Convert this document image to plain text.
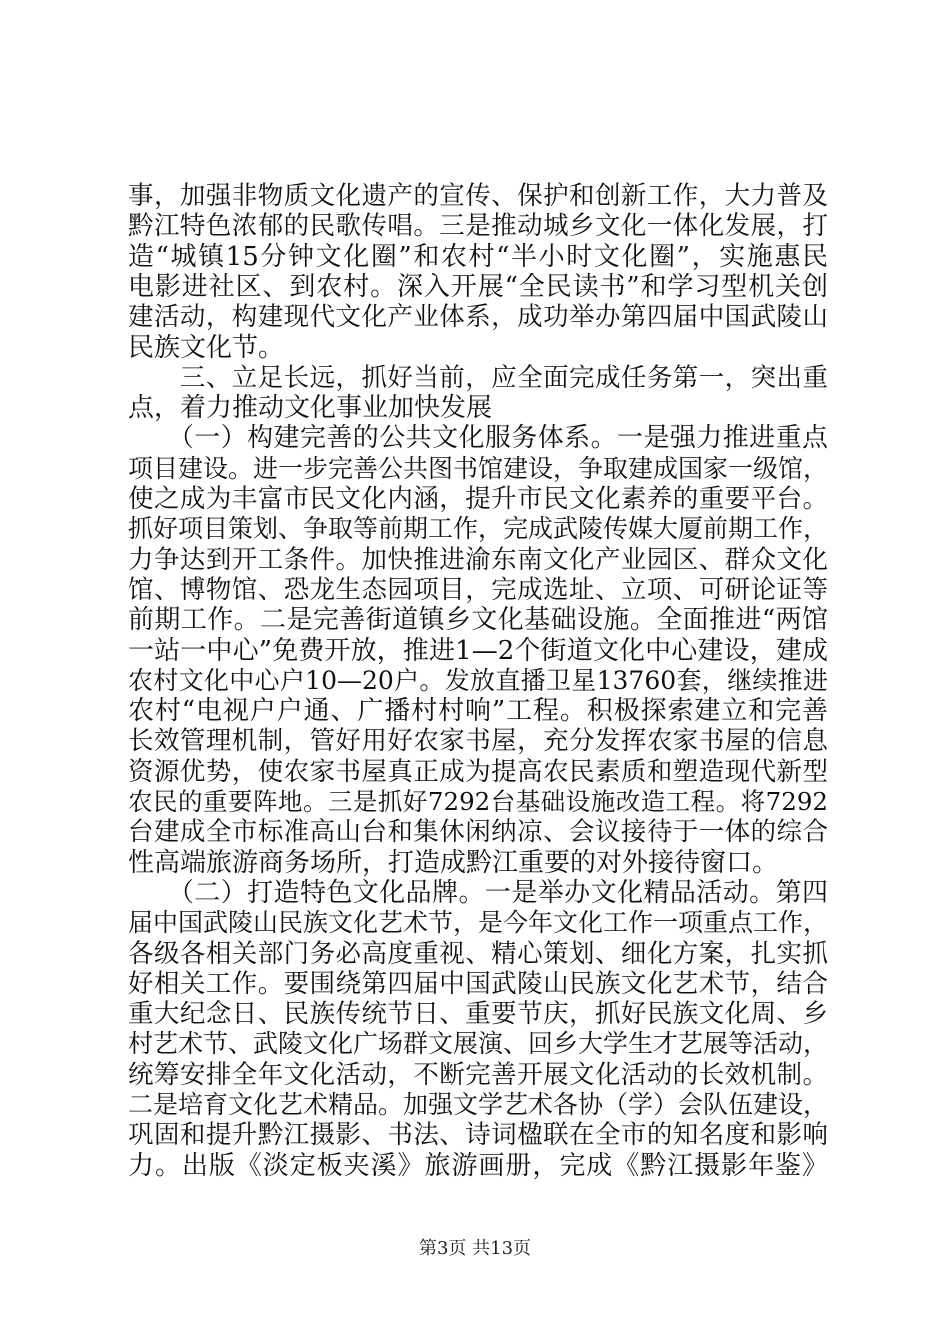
事，加强非物质文化遗产的宣传、保护和创新工作，大力普及
黔江特色浓郁的民歌传唱。三是推动城乡文化一体化发展，打
造“城镇15分钟文化圈”和农村“半小时文化圈”，实施惠民
电影进社区、到农村。深入开展“全民读书”和学习型机关创
建活动，构建现代文化产业体系，成功举办第四届中国武陵山
民族文化节。
　　三、立足长远，抓好当前，应全面完成任务第一，突出重
点，着力推动文化事业加快发展
　　（一）构建完善的公共文化服务体系。一是强力推进重点
项目建设。进一步完善公共图书馆建设，争取建成国家一级馆，
使之成为丰富市民文化内涵，提升市民文化素养的重要平台。
抓好项目策划、争取等前期工作，完成武陵传媒大厦前期工作，
力争达到开工条件。加快推进渝东南文化产业园区、群众文化
馆、博物馆、恐龙生态园项目，完成选址、立项、可研论证等
前期工作。二是完善街道镇乡文化基础设施。全面推进“两馆
一站一中心”免费开放，推进1—2个街道文化中心建设，建成
农村文化中心户10—20户。发放直播卫星13760套，继续推进
农村“电视户户通、广播村村响”工程。积极探索建立和完善
长效管理机制，管好用好农家书屋，充分发挥农家书屋的信息
资源优势，使农家书屋真正成为提高农民素质和塑造现代新型
农民的重要阵地。三是抓好7292台基础设施改造工程。将7292
台建成全市标准高山台和集休闲纳凉、会议接待于一体的综合
性高端旅游商务场所，打造成黔江重要的对外接待窗口。
　　（二）打造特色文化品牌。一是举办文化精品活动。第四
届中国武陵山民族文化艺术节，是今年文化工作一项重点工作，
各级各相关部门务必高度重视、精心策划、细化方案，扎实抓
好相关工作。要围绕第四届中国武陵山民族文化艺术节，结合
重大纪念日、民族传统节日、重要节庆，抓好民族文化周、乡
村艺术节、武陵文化广场群文展演、回乡大学生才艺展等活动，
统筹安排全年文化活动，不断完善开展文化活动的长效机制。
二是培育文化艺术精品。加强文学艺术各协（学）会队伍建设，
巩固和提升黔江摄影、书法、诗词楹联在全市的知名度和影响
力。出版《淡定板夹溪》旅游画册，完成《黔江摄影年鉴》
第3页 共13页
